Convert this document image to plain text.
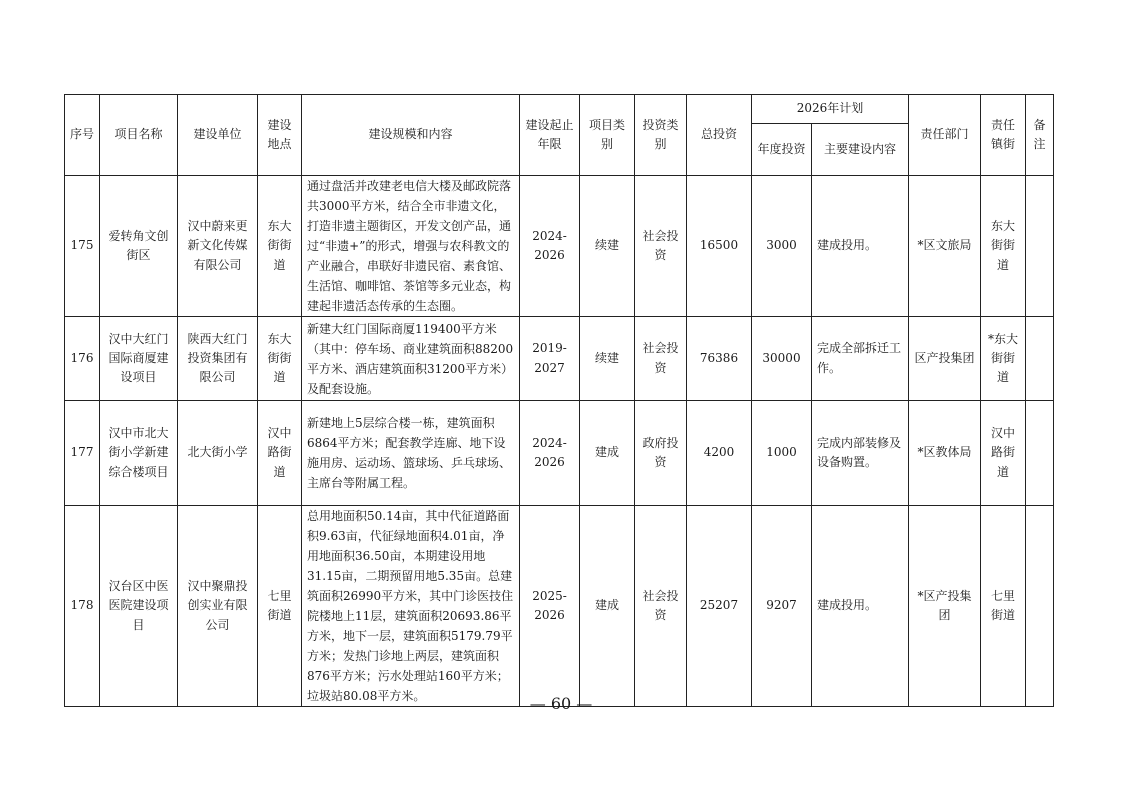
序号	项目名称	建设单位	建设地点	建设规模和内容	建设起止年限	项目类别	投资类别	总投资	2026年计划		责任部门	责任镇街	备注
									年度投资	主要建设内容			
175	爱转角文创街区	汉中蔚来更新文化传媒有限公司	东大街街道	通过盘活并改建老电信大楼及邮政院落共3000平方米，结合全市非遗文化，打造非遗主题街区，开发文创产品，通过“非遗+”的形式，增强与农科教文的产业融合，串联好非遗民宿、素食馆、生活馆、咖啡馆、茶馆等多元业态，构建起非遗活态传承的生态圈。	2024-2026	续建	社会投资	16500	3000	建成投用。	*区文旅局	东大街街道	
176	汉中大红门国际商厦建设项目	陕西大红门投资集团有限公司	东大街街道	新建大红门国际商厦119400平方米（其中：停车场、商业建筑面积88200平方米、酒店建筑面积31200平方米）及配套设施。	2019-2027	续建	社会投资	76386	30000	完成全部拆迁工作。	区产投集团	*东大街街道	
177	汉中市北大街小学新建综合楼项目	北大街小学	汉中路街道	新建地上5层综合楼一栋，建筑面积6864平方米；配套教学连廊、地下设施用房、运动场、篮球场、乒乓球场、主席台等附属工程。	2024-2026	建成	政府投资	4200	1000	完成内部装修及设备购置。	*区教体局	汉中路街道	
178	汉台区中医医院建设项目	汉中聚鼎投创实业有限公司	七里街道	总用地面积50.14亩，其中代征道路面积9.63亩，代征绿地面积4.01亩，净用地面积36.50亩，本期建设用地31.15亩，二期预留用地5.35亩。总建筑面积26990平方米，其中门诊医技住院楼地上11层，建筑面积20693.86平方米，地下一层，建筑面积5179.79平方米；发热门诊地上两层，建筑面积876平方米；污水处理站160平方米；垃圾站80.08平方米。	2025-2026	建成	社会投资	25207	9207	建成投用。	*区产投集团	七里街道	
— 60 —
